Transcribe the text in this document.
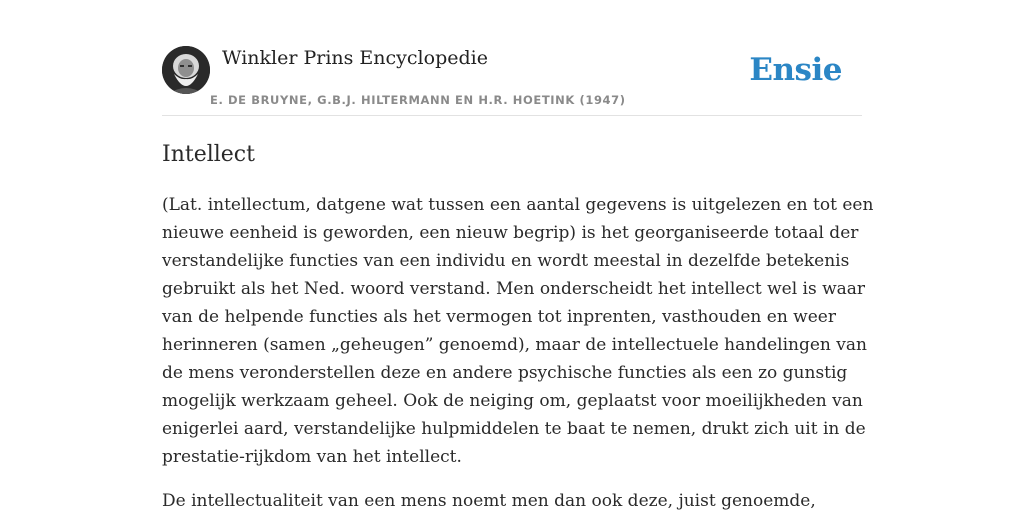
Winkler Prins Encyclopedie
E. DE BRUYNE, G.B.J. HILTERMANN EN H.R. HOETINK (1947)
Ensie
Intellect

(Lat. intellectum, datgene wat tussen een aantal gegevens is uitgelezen en tot een
nieuwe eenheid is geworden, een nieuw begrip) is het georganiseerde totaal der
verstandelijke functies van een individu en wordt meestal in dezelfde betekenis
gebruikt als het Ned. woord verstand. Men onderscheidt het intellect wel is waar
van de helpende functies als het vermogen tot inprenten, vasthouden en weer
herinneren (samen „geheugen” genoemd), maar de intellectuele handelingen van
de mens veronderstellen deze en andere psychische functies als een zo gunstig
mogelijk werkzaam geheel. Ook de neiging om, geplaatst voor moeilijkheden van
enigerlei aard, verstandelijke hulpmiddelen te baat te nemen, drukt zich uit in de
prestatie-rijkdom van het intellect.

De intellectualiteit van een mens noemt men dan ook deze, juist genoemde,
